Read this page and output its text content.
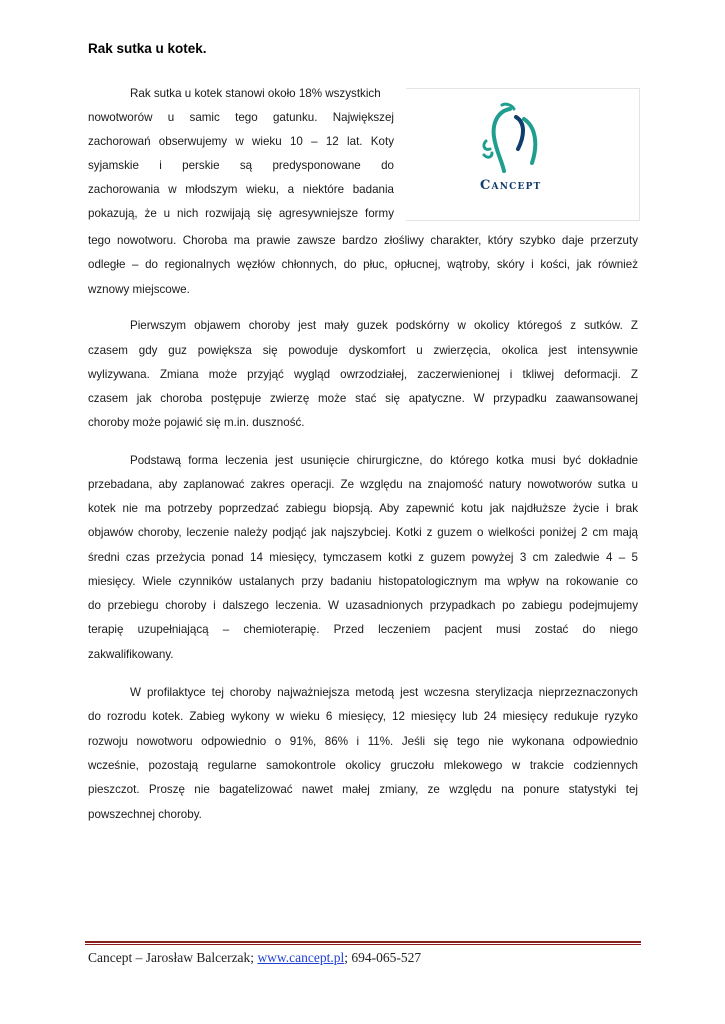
Rak sutka u kotek.
Cancept
Rak sutka u kotek stanowi około 18% wszystkich
nowotworów u samic tego gatunku. Największej
zachorowań obserwujemy w wieku 10 – 12 lat. Koty
syjamskie i perskie są predysponowane do
zachorowania w młodszym wieku, a niektóre badania
pokazują, że u nich rozwijają się agresywniejsze formy
tego nowotworu. Choroba ma prawie zawsze bardzo złośliwy charakter, który szybko daje przerzuty
odległe – do regionalnych węzłów chłonnych, do płuc, opłucnej, wątroby, skóry i kości, jak również
wznowy miejscowe.
Pierwszym objawem choroby jest mały guzek podskórny w okolicy któregoś z sutków. Z
czasem gdy guz powiększa się powoduje dyskomfort u zwierzęcia, okolica jest intensywnie
wylizywana. Zmiana może przyjąć wygląd owrzodziałej, zaczerwienionej i tkliwej deformacji. Z
czasem jak choroba postępuje zwierzę może stać się apatyczne. W przypadku zaawansowanej
choroby może pojawić się m.in. duszność.
Podstawą forma leczenia jest usunięcie chirurgiczne, do którego kotka musi być dokładnie
przebadana, aby zaplanować zakres operacji. Ze względu na znajomość natury nowotworów sutka u
kotek nie ma potrzeby poprzedzać zabiegu biopsją. Aby zapewnić kotu jak najdłuższe życie i brak
objawów choroby, leczenie należy podjąć jak najszybciej. Kotki z guzem o wielkości poniżej 2 cm mają
średni czas przeżycia ponad 14 miesięcy, tymczasem kotki z guzem powyżej 3 cm zaledwie 4 – 5
miesięcy. Wiele czynników ustalanych przy badaniu histopatologicznym ma wpływ na rokowanie co
do przebiegu choroby i dalszego leczenia. W uzasadnionych przypadkach po zabiegu podejmujemy
terapię uzupełniającą – chemioterapię. Przed leczeniem pacjent musi zostać do niego
zakwalifikowany.
W profilaktyce tej choroby najważniejsza metodą jest wczesna sterylizacja nieprzeznaczonych
do rozrodu kotek. Zabieg wykony w wieku 6 miesięcy, 12 miesięcy lub 24 miesięcy redukuje ryzyko
rozwoju nowotworu odpowiednio o 91%, 86% i 11%. Jeśli się tego nie wykonana odpowiednio
wcześnie, pozostają regularne samokontrole okolicy gruczołu mlekowego w trakcie codziennych
pieszczot. Proszę nie bagatelizować nawet małej zmiany, ze względu na ponure statystyki tej
powszechnej choroby.
Cancept – Jarosław Balcerzak; www.cancept.pl; 694-065-527
